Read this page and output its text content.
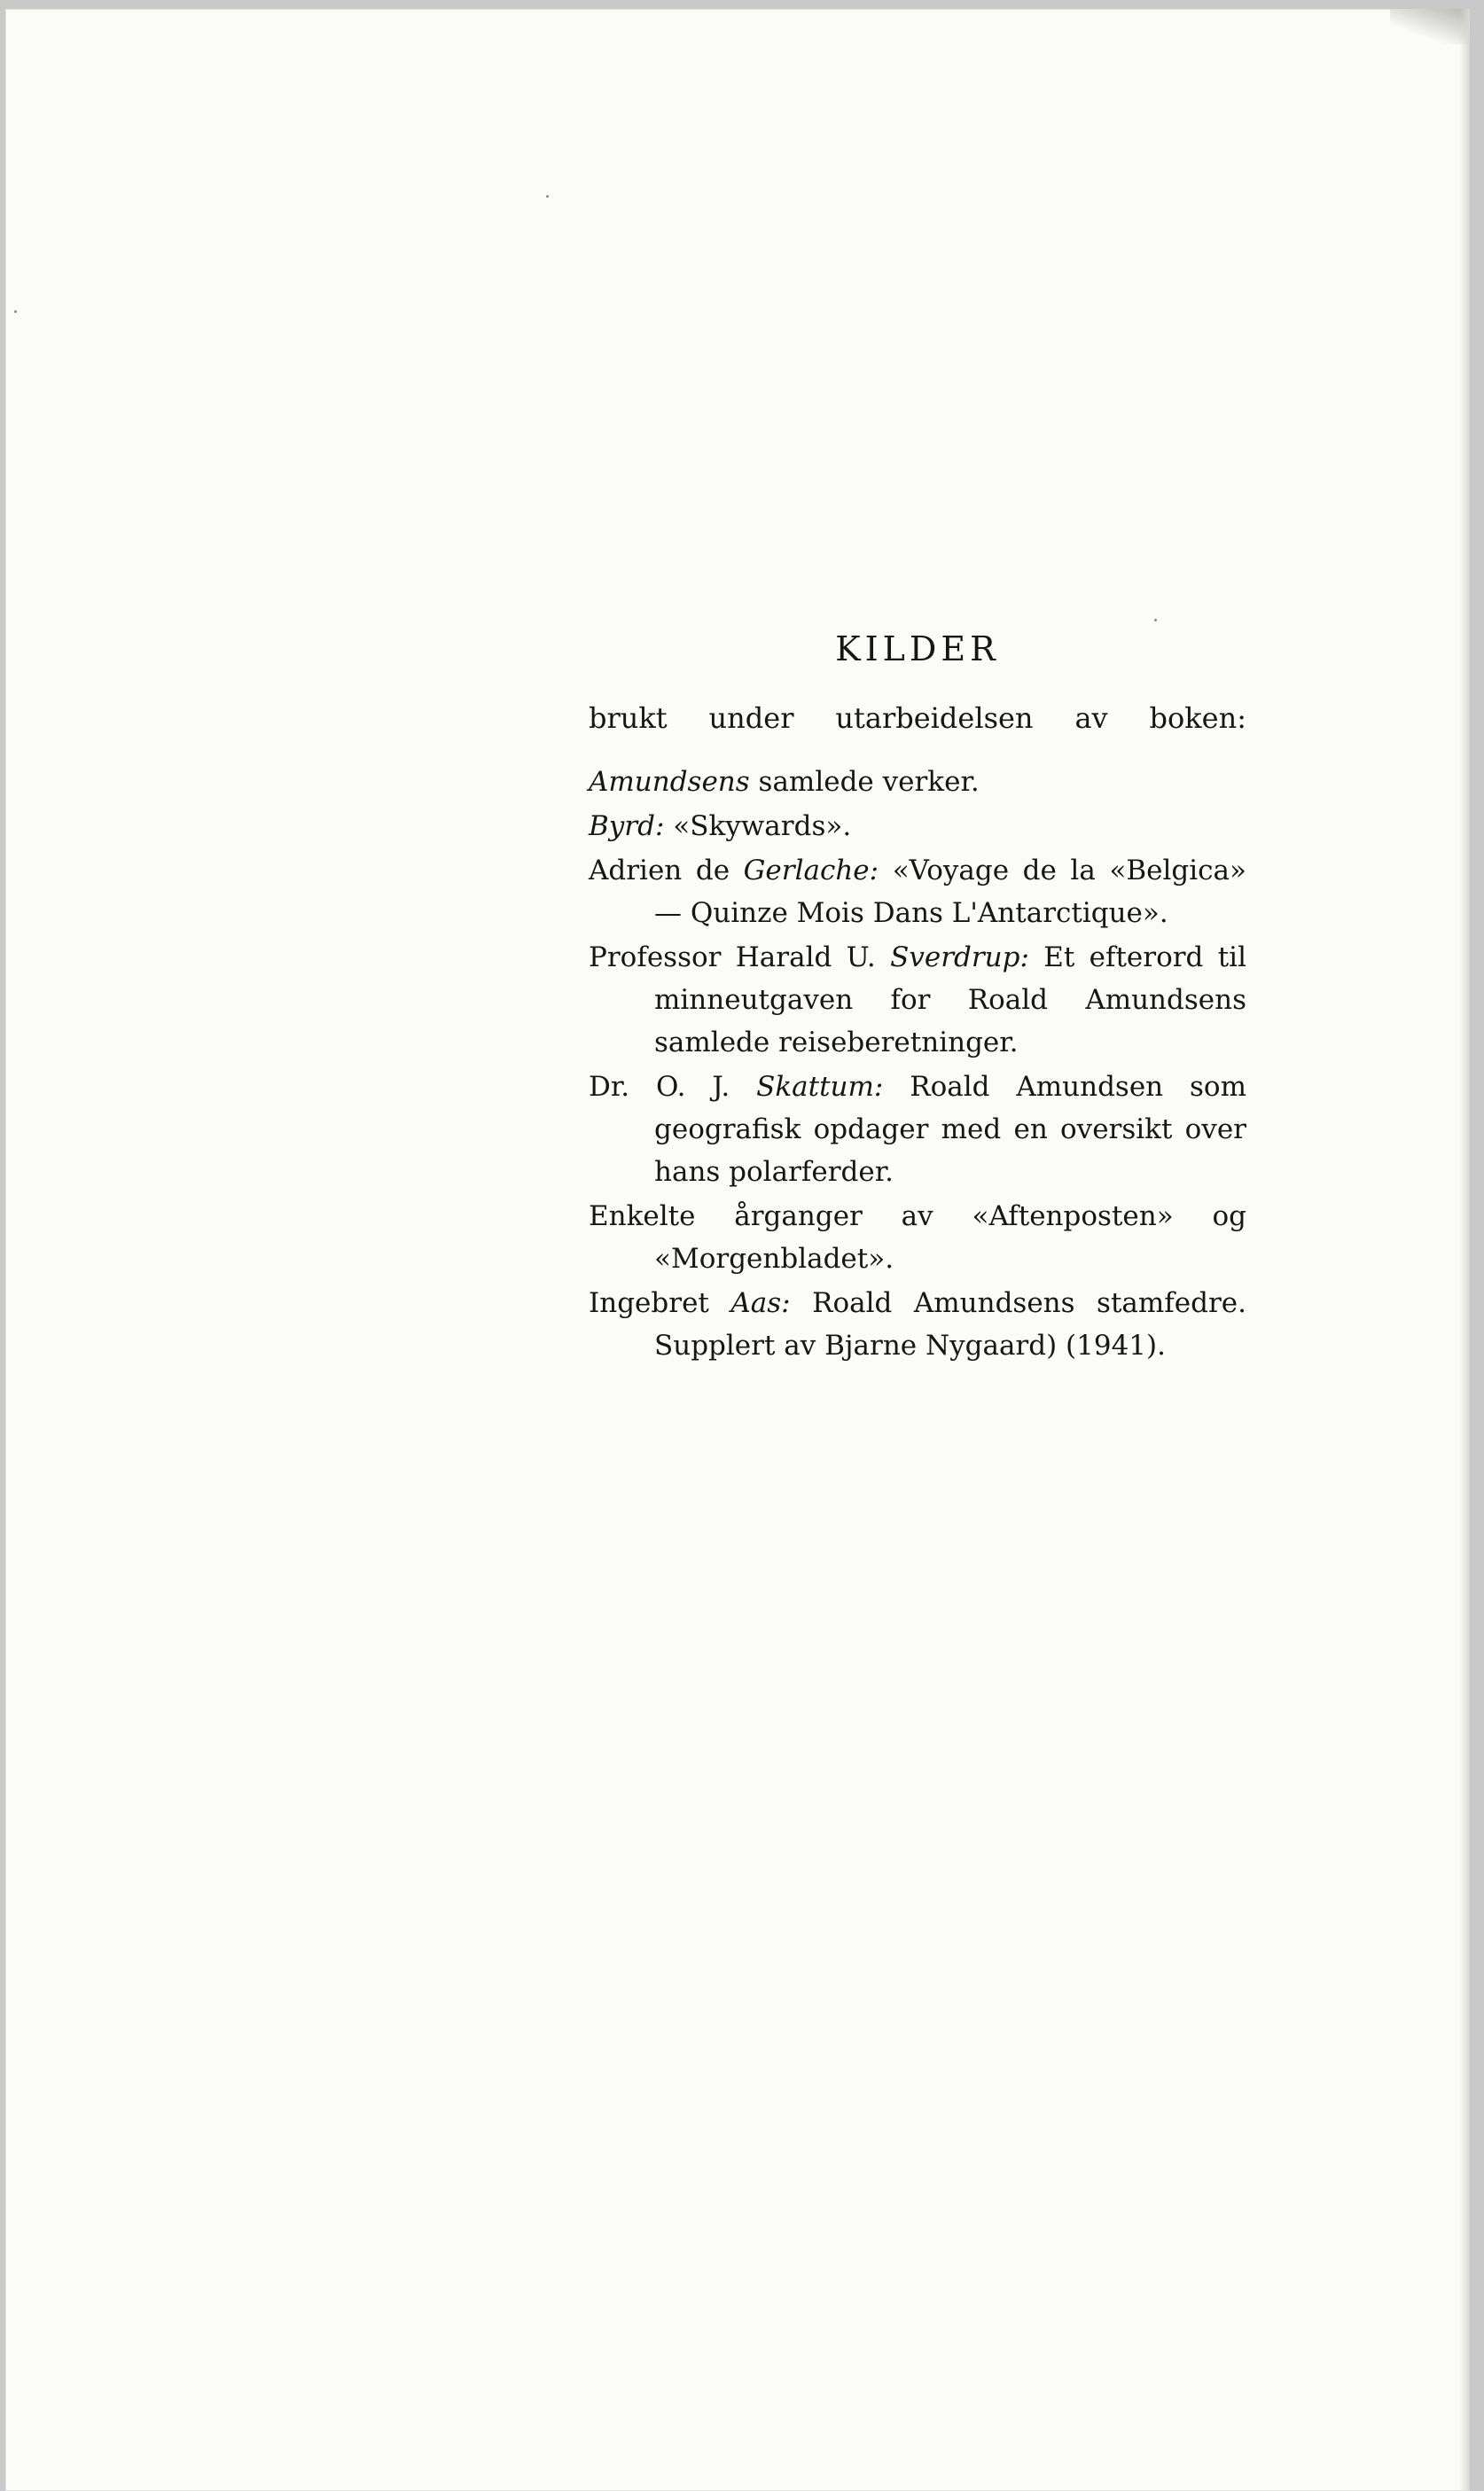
KILDER

brukt under utarbeidelsen av boken:

Amundsens samlede verker.

Byrd: «Skywards».

Adrien de Gerlache: «Voyage de la «Belgica» — Quinze Mois Dans L'Antarctique».

Professor Harald U. Sverdrup: Et efterord til minneutgaven for Roald Amundsens samlede reiseberetninger.

Dr. O. J. Skattum: Roald Amundsen som geografisk opdager med en oversikt over hans polarferder.

Enkelte årganger av «Aftenposten» og «Morgenbladet».

Ingebret Aas: Roald Amundsens stamfedre. Supplert av Bjarne Nygaard) (1941).
